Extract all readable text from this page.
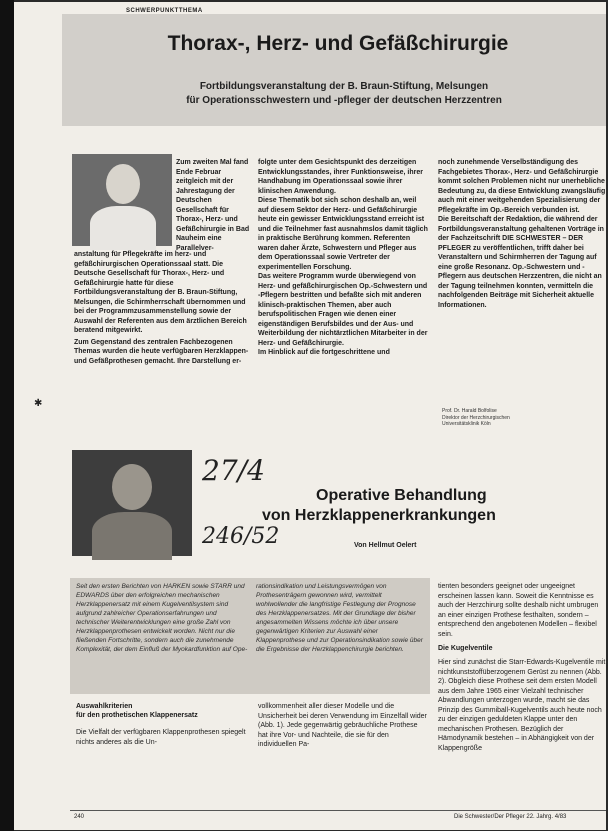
SCHWERPUNKTTHEMA
Thorax-, Herz- und Gefäßchirurgie
Fortbildungsveranstaltung der B. Braun-Stiftung, Melsungen
für Operationsschwestern und -pfleger der deutschen Herzzentren

Zum zweiten Mal fand Ende Februar zeitgleich mit der Jahrestagung der Deutschen Gesellschaft für Thorax-, Herz- und Gefäßchirurgie in Bad Nauheim eine Parallelver-

anstaltung für Pflegekräfte im herz- und gefäßchirurgischen Operationssaal statt. Die Deutsche Gesellschaft für Thorax-, Herz- und Gefäßchirurgie hatte für diese Fortbildungsveranstaltung der B. Braun-Stiftung, Melsungen, die Schirmherrschaft übernommen und bei der Programmzusammenstellung sowie der Auswahl der Referenten aus dem ärztlichen Bereich beratend mitgewirkt.

Zum Gegenstand des zentralen Fachbezogenen Themas wurden die heute verfügbaren Herzklappen- und Gefäßprothesen gemacht. Ihre Darstellung er-

folgte unter dem Gesichtspunkt des derzeitigen Entwicklungsstandes, ihrer Funktionsweise, ihrer Handhabung im Operationssaal sowie ihrer klinischen Anwendung.

Diese Thematik bot sich schon deshalb an, weil auf diesem Sektor der Herz- und Gefäßchirurgie heute ein gewisser Entwicklungsstand erreicht ist und die Teilnehmer fast ausnahmslos damit täglich in praktische Berührung kommen. Referenten waren daher Ärzte, Schwestern und Pfleger aus dem Operationssaal sowie Vertreter der experimentellen Forschung.

Das weitere Programm wurde überwiegend von Herz- und gefäßchirurgischen Op.-Schwestern und -Pflegern bestritten und befaßte sich mit anderen klinisch-praktischen Themen, aber auch berufspolitischen Fragen wie denen einer eigenständigen Berufsbildes und der Aus- und Weiterbildung der nichtärztlichen Mitarbeiter in der Herz- und Gefäßchirurgie.

Im Hinblick auf die fortgeschrittene und

noch zunehmende Verselbständigung des Fachgebietes Thorax-, Herz- und Gefäßchirurgie kommt solchen Problemen nicht nur unerhebliche Bedeutung zu, da diese Entwicklung zwangsläufig auch mit einer weitgehenden Spezialisierung der Pflegekräfte im Op.-Bereich verbunden ist.

Die Bereitschaft der Redaktion, die während der Fortbildungsveranstaltung gehaltenen Vorträge in der Fachzeitschrift DIE SCHWESTER – DER PFLEGER zu veröffentlichen, trifft daher bei Veranstaltern und Schirmherren der Tagung auf eine große Resonanz. Op.-Schwestern und -Pflegern aus deutschen Herzzentren, die nicht an der Tagung teilnehmen konnten, vermitteln die nachfolgenden Beiträge mit Sicherheit aktuelle Informationen.

Prof. Dr. Harald Bolfolise
Direktor der Herzchirurgischen
Universitätsklinik Köln
✱
27/4
246/52
Operative Behandlung
von Herzklappenerkrankungen
Von Hellmut Oelert

Seit den ersten Berichten von HARKEN sowie STARR und EDWARDS über den erfolgreichen mechanischen Herzklappenersatz mit einem Kugelventilsystem sind aufgrund zahlreicher Operationserfahrungen und technischer Weiterentwicklungen eine große Zahl von Herzklappenprothesen entwickelt worden. Nicht nur die fließenden Fortschritte, sondern auch die zunehmende Komplexität, der dem Einfluß der Myokardfunktion auf Ope-

rationsindikation und Leistungsvermögen von Prothesenträgern gewonnen wird, vermittelt wohlwollender die langfristige Festlegung der Prognose des Herzklappenersatzes. Mit der Grundlage der bisher angesammelten Wissens möchte ich über unsere gegenwärtigen Kriterien zur Auswahl einer Klappenprothese und zur Operationsindikation sowie über die Ergebnisse der Herzklappenchirurgie berichten.

tienten besonders geeignet oder ungeeignet erscheinen lassen kann. Soweit die Kenntnisse es auch der Herzchirurg sollte deshalb nicht umbrugen an einer einzigen Prothese festhalten, sondern – entsprechend den angebotenen Modellen – flexibel sein.

Die Kugelventile

Hier sind zunächst die Starr-Edwards-Kugelventile mit nichtkunststoffüberzogenem Gerüst zu nennen (Abb. 2). Obgleich diese Prothese seit dem ersten Modell aus dem Jahre 1965 einer Vielzahl technischer Abwandlungen unterzogen wurde, macht sie das Prinzip des Gummiball-Kugelventils auch heute noch zu der einzigen geduldeten Klappe unter den mechanischen Prothesen. Bezüglich der Hämodynamik bestehen – in Abhängigkeit von der Klappengröße

Auswahlkriterien
für den prothetischen Klappenersatz

Die Vielfalt der verfügbaren Klappenprothesen spiegelt nichts anderes als die Un-

vollkommenheit aller dieser Modelle und die Unsicherheit bei deren Verwendung im Einzelfall wider (Abb. 1). Jede gegenwärtig gebräuchliche Prothese hat ihre Vor- und Nachteile, die sie für den individuellen Pa-

240	Die Schwester/Der Pfleger 22. Jahrg. 4/83
